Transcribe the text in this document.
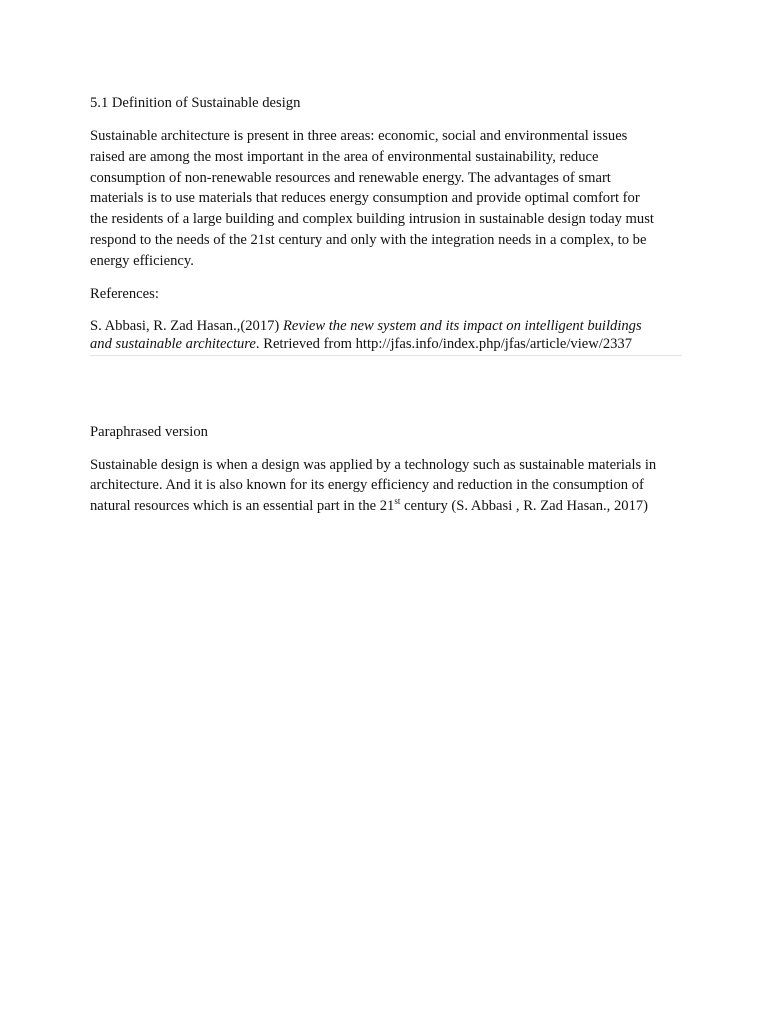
5.1 Definition of Sustainable design
Sustainable architecture is present in three areas: economic, social and environmental issues
raised are among the most important in the area of environmental sustainability, reduce
consumption of non-renewable resources and renewable energy. The advantages of smart
materials is to use materials that reduces energy consumption and provide optimal comfort for
the residents of a large building and complex building intrusion in sustainable design today must
respond to the needs of the 21st century and only with the integration needs in a complex, to be
energy efficiency.
References:
S. Abbasi, R. Zad Hasan.,(2017) Review the new system and its impact on intelligent buildings
and sustainable architecture. Retrieved from http://jfas.info/index.php/jfas/article/view/2337
Paraphrased version
Sustainable design is when a design was applied by a technology such as sustainable materials in
architecture. And it is also known for its energy efficiency and reduction in the consumption of
natural resources which is an essential part in the 21st century (S. Abbasi , R. Zad Hasan., 2017)
